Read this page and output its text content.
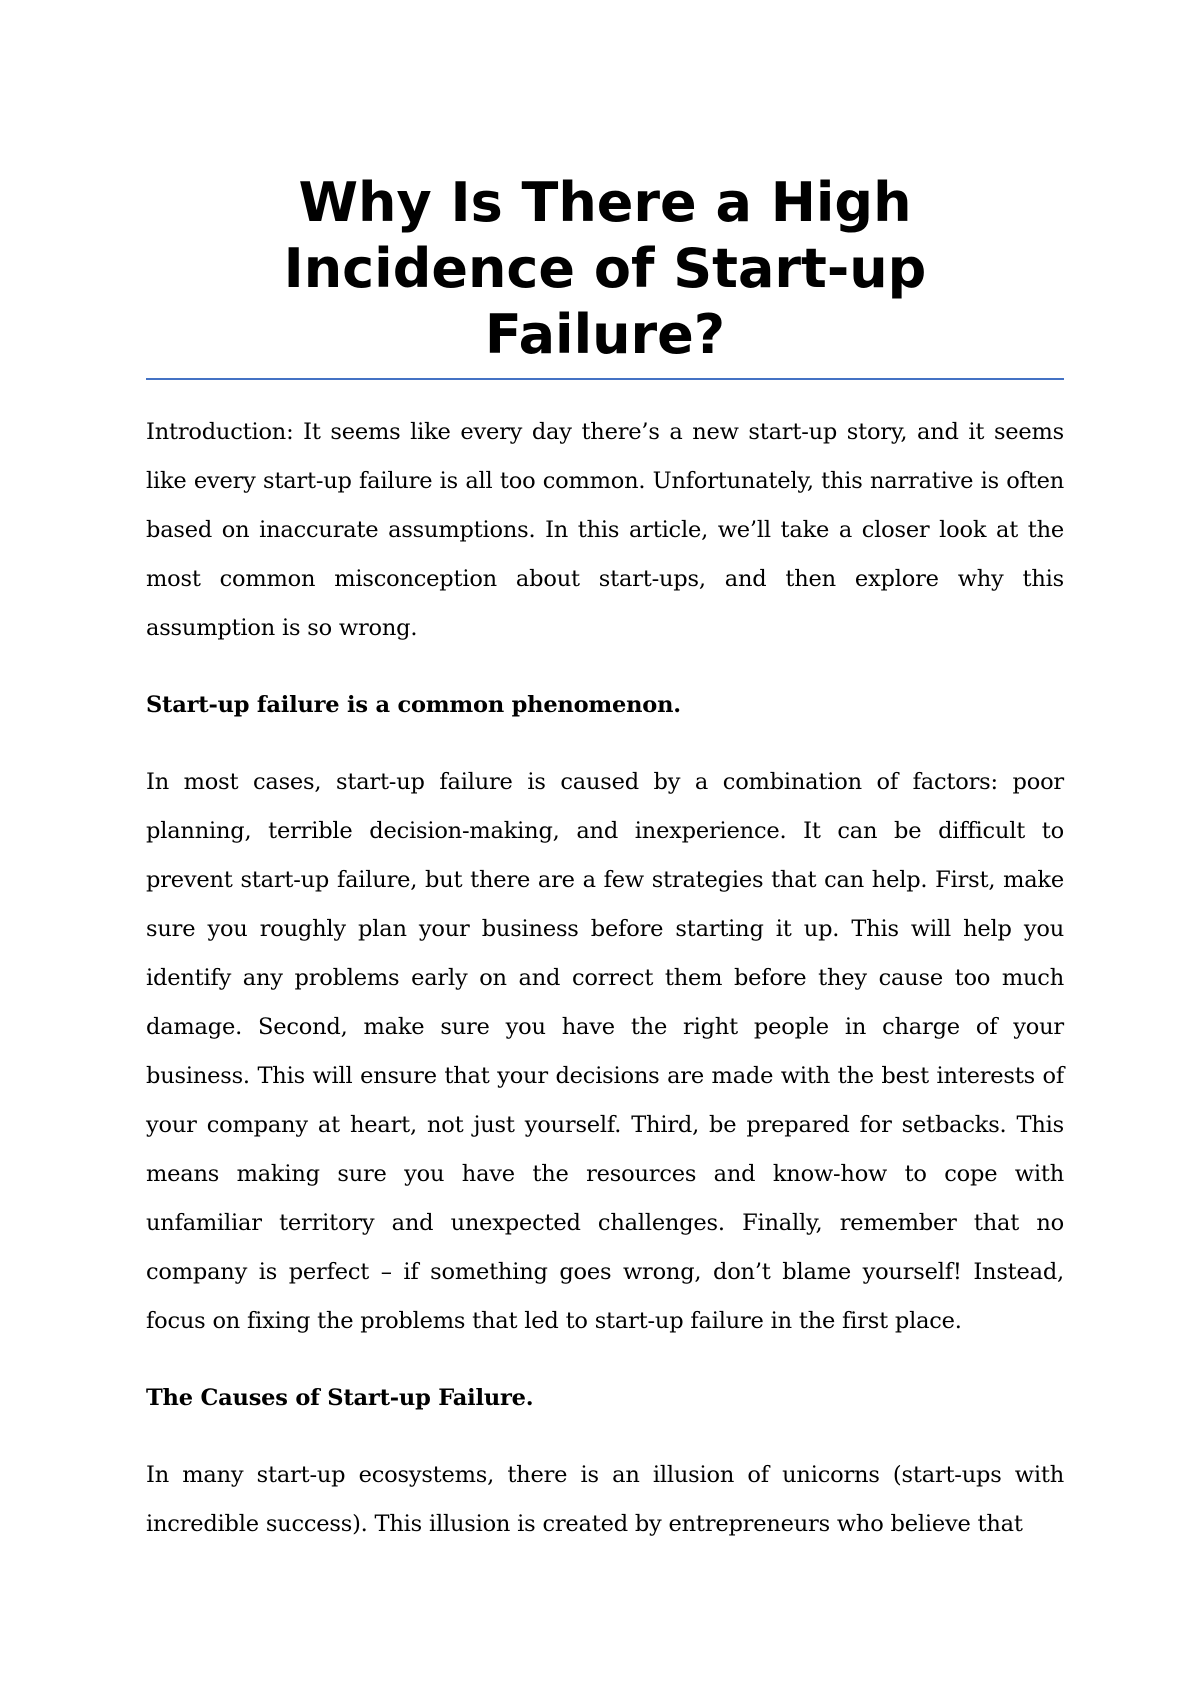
Why Is There a High Incidence of Start-up Failure?

Introduction: It seems like every day there’s a new start-up story, and it seems like every start-up failure is all too common. Unfortunately, this narrative is often based on inaccurate assumptions. In this article, we’ll take a closer look at the most common misconception about start-ups, and then explore why this assumption is so wrong.

Start-up failure is a common phenomenon.

In most cases, start-up failure is caused by a combination of factors: poor planning, terrible decision-making, and inexperience. It can be difficult to prevent start-up failure, but there are a few strategies that can help. First, make sure you roughly plan your business before starting it up. This will help you identify any problems early on and correct them before they cause too much damage. Second, make sure you have the right people in charge of your business. This will ensure that your decisions are made with the best interests of your company at heart, not just yourself. Third, be prepared for setbacks. This means making sure you have the resources and know-how to cope with unfamiliar territory and unexpected challenges. Finally, remember that no company is perfect – if something goes wrong, don’t blame yourself! Instead, focus on fixing the problems that led to start-up failure in the first place.

The Causes of Start-up Failure.

In many start-up ecosystems, there is an illusion of unicorns (start-ups with incredible success). This illusion is created by entrepreneurs who believe that
